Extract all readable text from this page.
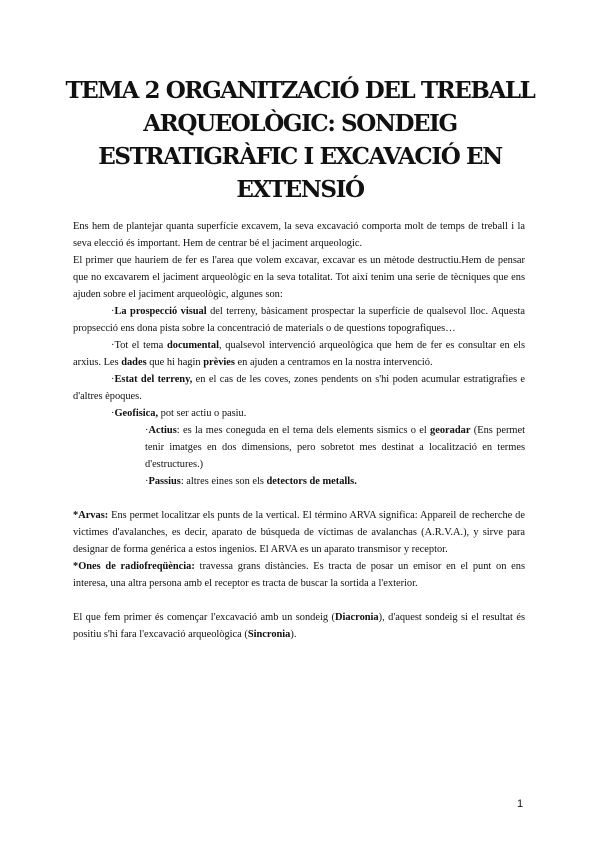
TEMA 2 ORGANITZACIÓ DEL TREBALL ARQUEOLÒGIC: SONDEIG ESTRATIGRÀFIC I EXCAVACIÓ EN EXTENSIÓ

Ens hem de plantejar quanta superfície excavem, la seva excavació comporta molt de temps de treball i la seva elecció és important. Hem de centrar bé el jaciment arqueologic.

El primer que hauriem de fer es l'area que volem excavar, excavar es un mètode destructiu.Hem de pensar que no excavarem el jaciment arqueològic en la seva totalitat. Tot així tenim una serie de tècniques que ens ajuden sobre el jaciment arqueològic, algunes son:

·La prospecció visual del terreny, bàsicament prospectar la superfície de qualsevol lloc. Aquesta propsecció ens dona pista sobre la concentració de materials o de questions topografiques…

·Tot el tema documental, qualsevol intervenció arqueològica que hem de fer es consultar en els arxius. Les dades que hi hagin prèvies en ajuden a centramos en la nostra intervenció.

·Estat del terreny, en el cas de les coves, zones pendents on s'hi poden acumular estratigrafies e d'altres èpoques.

·Geofisica, pot ser actiu o pasiu.

·Actius: es la mes coneguda en el tema dels elements sismics o el georadar (Ens permet tenir imatges en dos dimensions, pero sobretot mes destinat a localització en termes d'estructures.)

·Passius: altres eines son els detectors de metalls.

*Arvas: Ens permet localitzar els punts de la vertical. El término ARVA significa: Appareil de recherche de victimes d'avalanches, es decir, aparato de búsqueda de víctimas de avalanchas (A.R.V.A.), y sirve para designar de forma genérica a estos ingenios. El ARVA es un aparato transmisor y receptor.

*Ones de radiofreqüència: travessa grans distàncies. Es tracta de posar un emisor en el punt on ens interesa, una altra persona amb el receptor es tracta de buscar la sortida a l'exterior.

El que fem primer és començar l'excavació amb un sondeig (Diacronia), d'aquest sondeig si el resultat és positiu s'hi fara l'excavació arqueològica (Sincronia).

1
